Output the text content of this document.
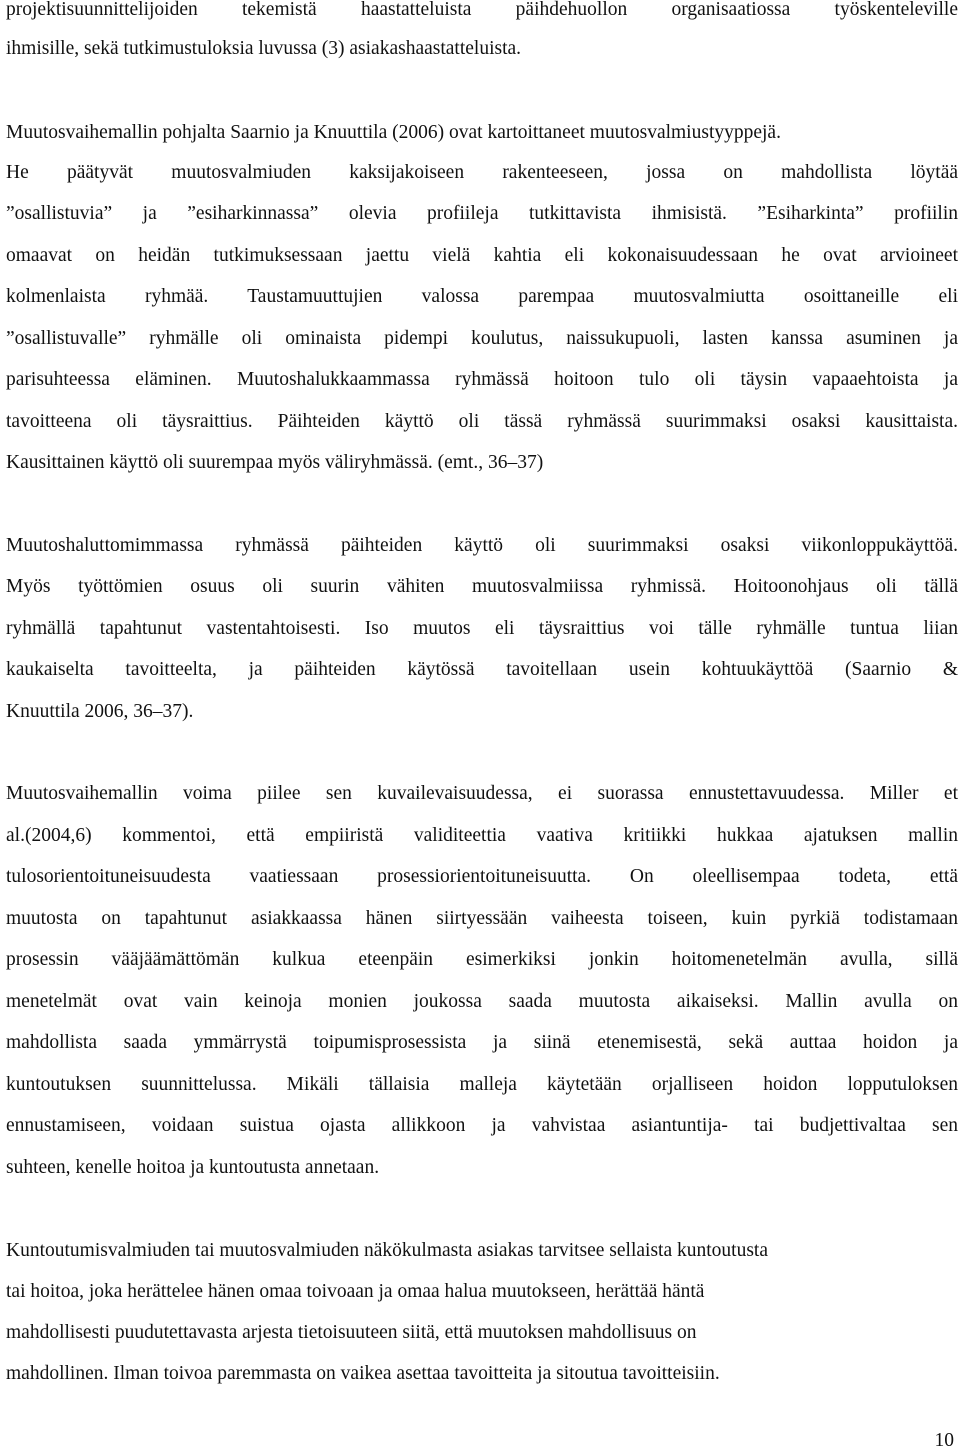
projektisuunnittelijoiden tekemistä haastatteluista päihdehuollon organisaatiossa työskenteleville
ihmisille, sekä tutkimustuloksia luvussa (3) asiakashaastatteluista.
Muutosvaihemallin pohjalta Saarnio ja Knuuttila (2006) ovat kartoittaneet muutosvalmiustyyppejä.
He päätyvät muutosvalmiuden kaksijakoiseen rakenteeseen, jossa on mahdollista löytää
”osallistuvia” ja ”esiharkinnassa” olevia profiileja tutkittavista ihmisistä. ”Esiharkinta” profiilin
omaavat on heidän tutkimuksessaan jaettu vielä kahtia eli kokonaisuudessaan he ovat arvioineet
kolmenlaista ryhmää. Taustamuuttujien valossa parempaa muutosvalmiutta osoittaneille eli
”osallistuvalle” ryhmälle oli ominaista pidempi koulutus, naissukupuoli, lasten kanssa asuminen ja
parisuhteessa eläminen. Muutoshalukkaammassa ryhmässä hoitoon tulo oli täysin vapaaehtoista ja
tavoitteena oli täysraittius. Päihteiden käyttö oli tässä ryhmässä suurimmaksi osaksi kausittaista.
Kausittainen käyttö oli suurempaa myös väliryhmässä. (emt., 36–37)
Muutoshaluttomimmassa ryhmässä päihteiden käyttö oli suurimmaksi osaksi viikonloppukäyttöä.
Myös työttömien osuus oli suurin vähiten muutosvalmiissa ryhmissä. Hoitoonohjaus oli tällä
ryhmällä tapahtunut vastentahtoisesti. Iso muutos eli täysraittius voi tälle ryhmälle tuntua liian
kaukaiselta tavoitteelta, ja päihteiden käytössä tavoitellaan usein kohtuukäyttöä (Saarnio &
Knuuttila 2006, 36–37).
Muutosvaihemallin voima piilee sen kuvailevaisuudessa, ei suorassa ennustettavuudessa. Miller et
al.(2004,6) kommentoi, että empiiristä validiteettia vaativa kritiikki hukkaa ajatuksen mallin
tulosorientoituneisuudesta vaatiessaan prosessiorientoituneisuutta. On oleellisempaa todeta, että
muutosta on tapahtunut asiakkaassa hänen siirtyessään vaiheesta toiseen, kuin pyrkiä todistamaan
prosessin vääjäämättömän kulkua eteenpäin esimerkiksi jonkin hoitomenetelmän avulla, sillä
menetelmät ovat vain keinoja monien joukossa saada muutosta aikaiseksi. Mallin avulla on
mahdollista saada ymmärrystä toipumisprosessista ja siinä etenemisestä, sekä auttaa hoidon ja
kuntoutuksen suunnittelussa. Mikäli tällaisia malleja käytetään orjalliseen hoidon lopputuloksen
ennustamiseen, voidaan suistua ojasta allikkoon ja vahvistaa asiantuntija- tai budjettivaltaa sen
suhteen, kenelle hoitoa ja kuntoutusta annetaan.
Kuntoutumisvalmiuden tai muutosvalmiuden näkökulmasta asiakas tarvitsee sellaista kuntoutusta
tai hoitoa, joka herättelee hänen omaa toivoaan ja omaa halua muutokseen, herättää häntä
mahdollisesti puudutettavasta arjesta tietoisuuteen siitä, että muutoksen mahdollisuus on
mahdollinen. Ilman toivoa paremmasta on vaikea asettaa tavoitteita ja sitoutua tavoitteisiin.
10
